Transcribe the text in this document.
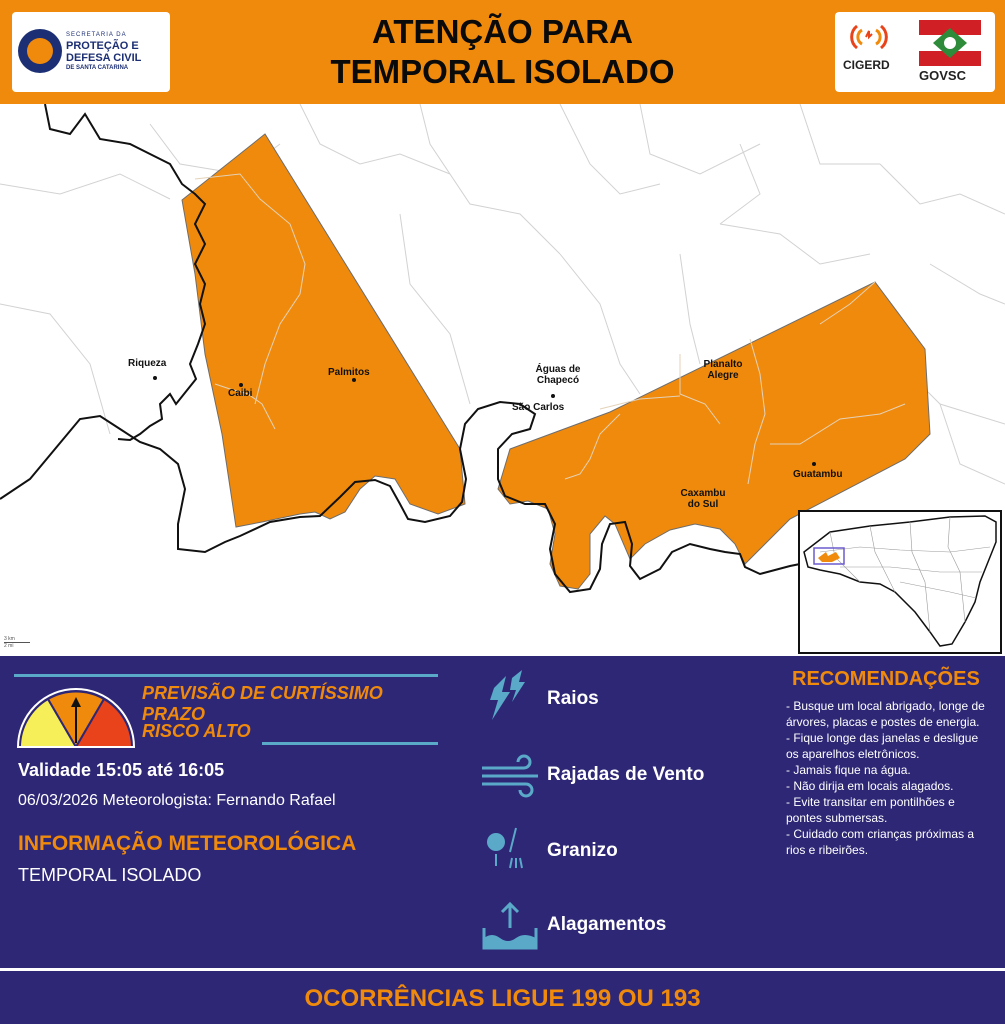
SECRETARIA DA
PROTEÇÃO E
DEFESA CIVIL
DE SANTA CATARINA
ATENÇÃO PARA
TEMPORAL ISOLADO	CIGERD
GOVSC
Riqueza
Caibi
Palmitos	Águas de Chapecó
São Carlos
Planalto Alegre
Guatambu
Caxambu do Sul
3 km
2 mi
PREVISÃO DE CURTÍSSIMO PRAZO
RISCO ALTO
Validade 15:05 até 16:05
06/03/2026 Meteorologista: Fernando Rafael
INFORMAÇÃO METEOROLÓGICA
TEMPORAL ISOLADO
Raios
Rajadas de Vento
Granizo
Alagamentos
RECOMENDAÇÕES
- Busque um local abrigado, longe de árvores, placas e postes de energia.
- Fique longe das janelas e desligue os aparelhos eletrônicos.
- Jamais fique na água.
- Não dirija em locais alagados.
- Evite transitar em pontilhões e pontes submersas.
- Cuidado com crianças próximas a rios e ribeirões.
OCORRÊNCIAS LIGUE 199 OU 193
